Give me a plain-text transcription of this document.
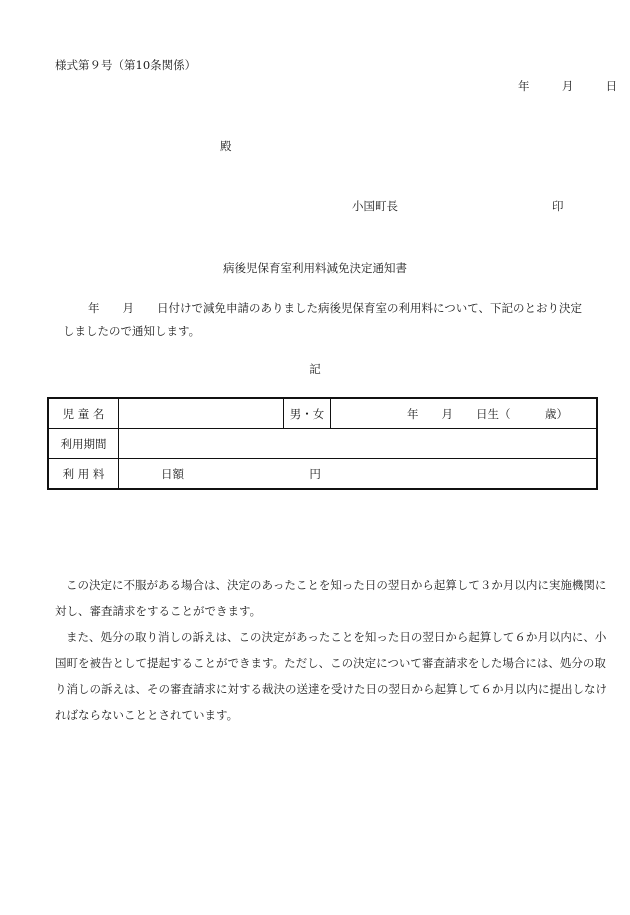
様式第９号（第10条関係）
年	月	日
殿
小国町長	印
病後児保育室利用料減免決定通知書

年　　月　　日付けで減免申請のありました病後児保育室の利用料について、下記のとおり決定

しましたので通知します。

記
児 童 名		男・女	年　　月　　日生（　　　歳）
利用期間			
利 用 料	日額 円		

この決定に不服がある場合は、決定のあったことを知った日の翌日から起算して３か月以内に実施機関に対し、審査請求をすることができます。

また、処分の取り消しの訴えは、この決定があったことを知った日の翌日から起算して６か月以内に、小国町を被告として提起することができます。ただし、この決定について審査請求をした場合には、処分の取り消しの訴えは、その審査請求に対する裁決の送達を受けた日の翌日から起算して６か月以内に提出しなければならないこととされています。
